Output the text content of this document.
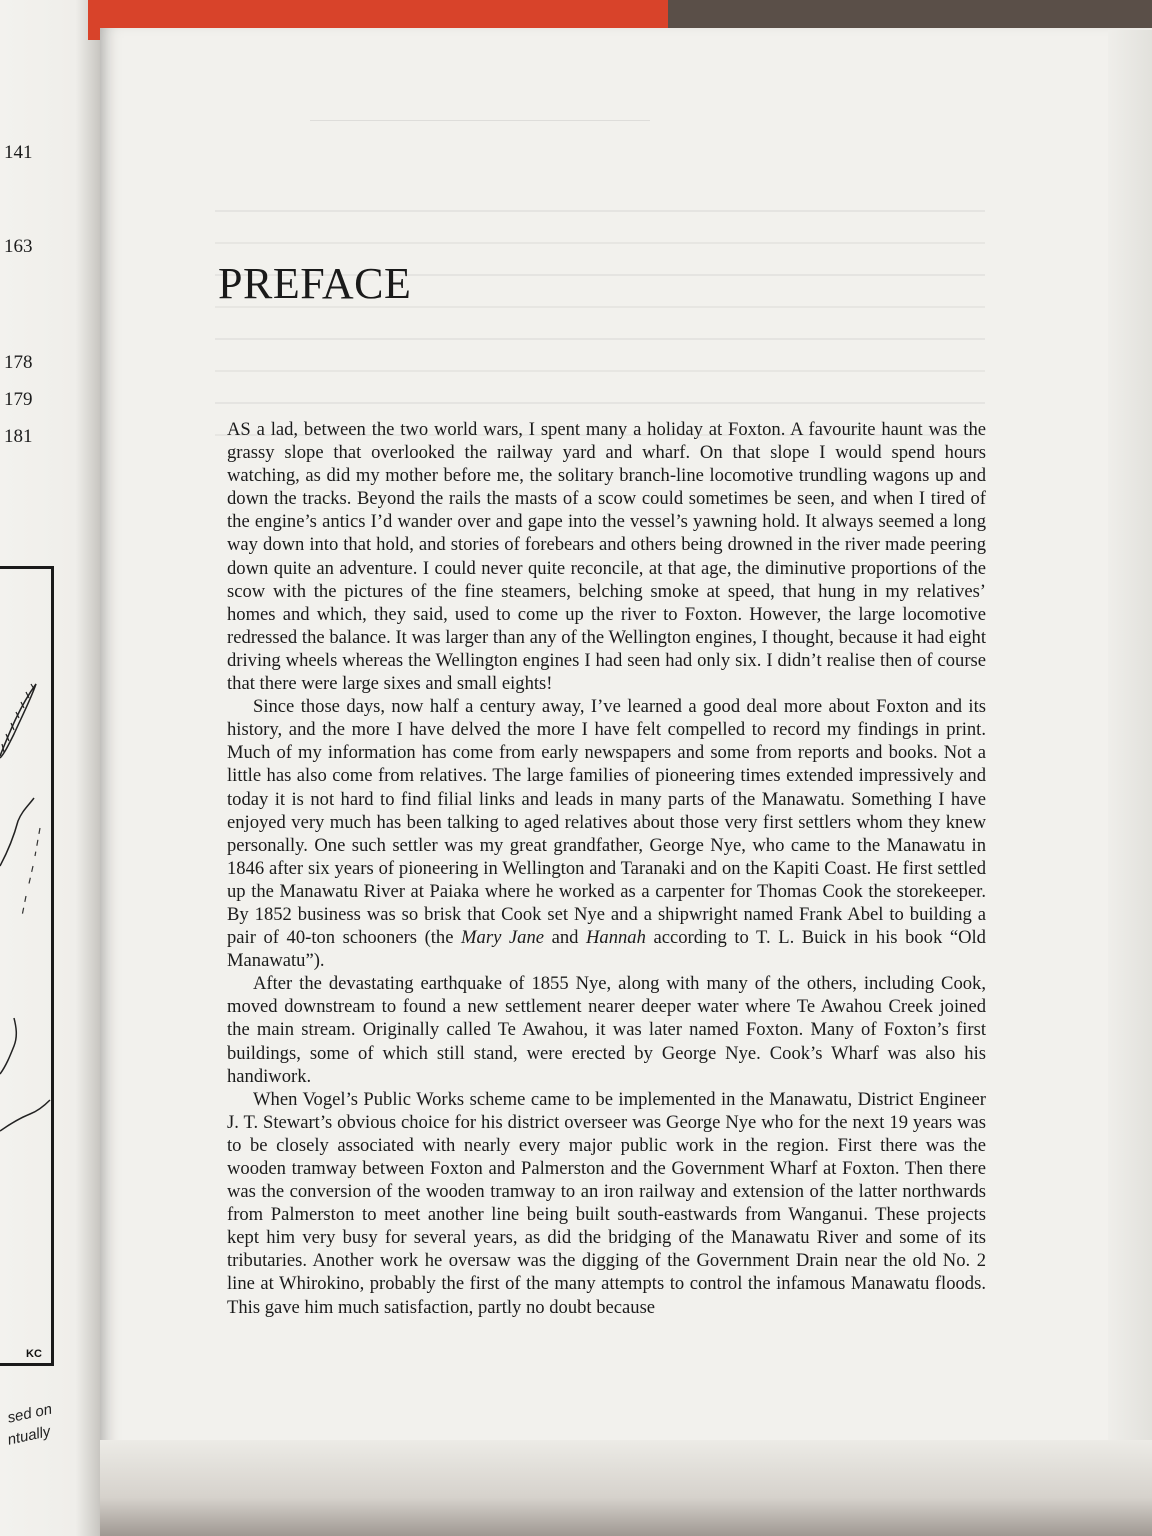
141
163
178
179
181
KC
sed on
ntually
PREFACE

AS a lad, between the two world wars, I spent many a holiday at Foxton. A favourite haunt was the grassy slope that overlooked the railway yard and wharf. On that slope I would spend hours watching, as did my mother before me, the solitary branch-line locomotive trundling wagons up and down the tracks. Beyond the rails the masts of a scow could sometimes be seen, and when I tired of the engine’s antics I’d wander over and gape into the vessel’s yawning hold. It always seemed a long way down into that hold, and stories of forebears and others being drowned in the river made peering down quite an adventure. I could never quite reconcile, at that age, the diminutive proportions of the scow with the pictures of the fine steamers, belching smoke at speed, that hung in my relatives’ homes and which, they said, used to come up the river to Foxton. However, the large locomotive redressed the balance. It was larger than any of the Wellington engines, I thought, because it had eight driving wheels whereas the Wellington engines I had seen had only six. I didn’t realise then of course that there were large sixes and small eights!

Since those days, now half a century away, I’ve learned a good deal more about Foxton and its history, and the more I have delved the more I have felt compelled to record my findings in print. Much of my information has come from early newspapers and some from reports and books. Not a little has also come from relatives. The large families of pioneering times extended impressively and today it is not hard to find filial links and leads in many parts of the Manawatu. Something I have enjoyed very much has been talking to aged relatives about those very first settlers whom they knew personally. One such settler was my great grandfather, George Nye, who came to the Manawatu in 1846 after six years of pioneering in Wellington and Taranaki and on the Kapiti Coast. He first settled up the Manawatu River at Paiaka where he worked as a carpenter for Thomas Cook the storekeeper. By 1852 business was so brisk that Cook set Nye and a shipwright named Frank Abel to building a pair of 40-ton schooners (the Mary Jane and Hannah according to T. L. Buick in his book “Old Manawatu”).

After the devastating earthquake of 1855 Nye, along with many of the others, including Cook, moved downstream to found a new settlement nearer deeper water where Te Awahou Creek joined the main stream. Originally called Te Awahou, it was later named Foxton. Many of Foxton’s first buildings, some of which still stand, were erected by George Nye. Cook’s Wharf was also his handiwork.

When Vogel’s Public Works scheme came to be implemented in the Manawatu, District Engineer J. T. Stewart’s obvious choice for his district overseer was George Nye who for the next 19 years was to be closely associated with nearly every major public work in the region. First there was the wooden tramway between Foxton and Palmerston and the Government Wharf at Foxton. Then there was the conversion of the wooden tramway to an iron railway and extension of the latter northwards from Palmerston to meet another line being built south-eastwards from Wanganui. These projects kept him very busy for several years, as did the bridging of the Manawatu River and some of its tributaries. Another work he oversaw was the digging of the Government Drain near the old No. 2 line at Whirokino, probably the first of the many attempts to control the infamous Manawatu floods. This gave him much satisfaction, partly no doubt because
